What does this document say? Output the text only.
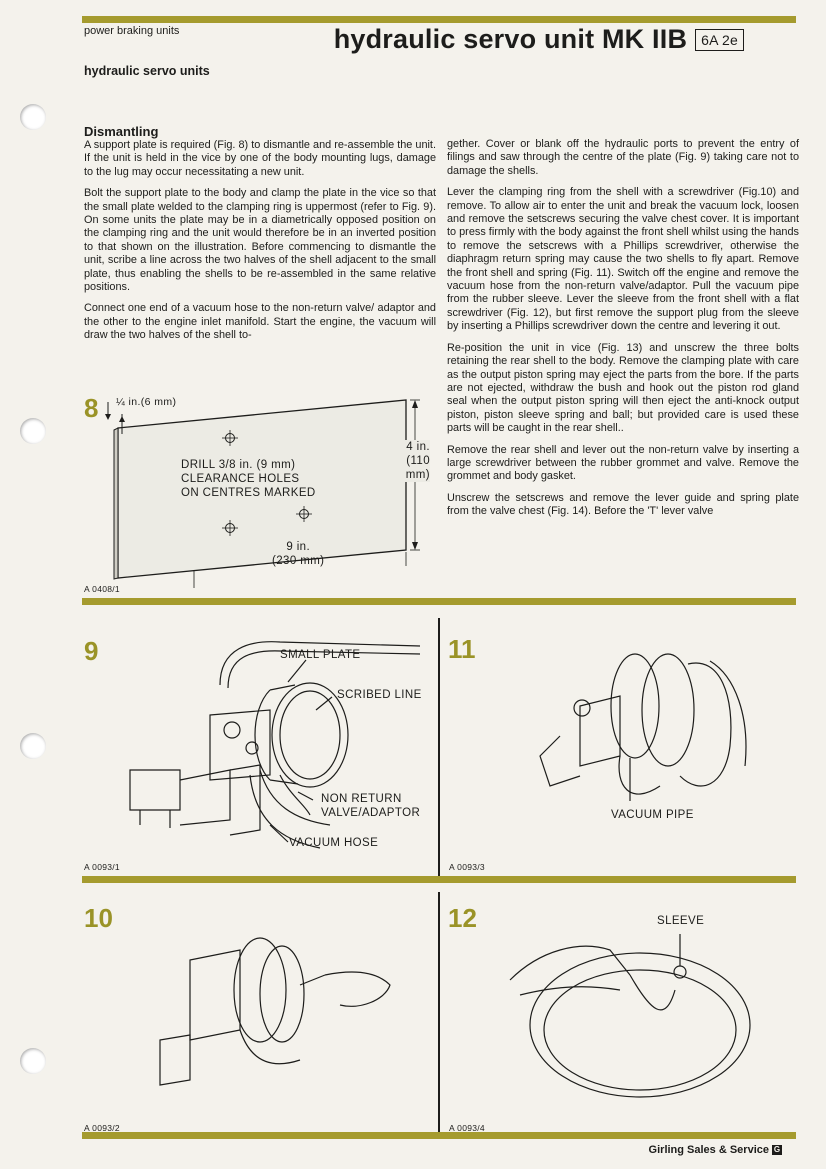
power braking units	hydraulic servo unit MK IIB	6A 2e
hydraulic servo units
Dismantling

A support plate is required (Fig. 8) to dismantle and re-assemble the unit. If the unit is held in the vice by one of the body mounting lugs, damage to the lug may occur necessitating a new unit.

Bolt the support plate to the body and clamp the plate in the vice so that the small plate welded to the clamping ring is uppermost (refer to Fig. 9). On some units the plate may be in a diametrically opposed position on the clamping ring and the unit would therefore be in an inverted position to that shown on the illustration. Before commencing to dismantle the unit, scribe a line across the two halves of the shell adjacent to the small plate, thus enabling the shells to be re-assembled in the same relative positions.

Connect one end of a vacuum hose to the non-return valve/ adaptor and the other to the engine inlet manifold. Start the engine, the vacuum will draw the two halves of the shell to-

gether. Cover or blank off the hydraulic ports to prevent the entry of filings and saw through the centre of the plate (Fig. 9) taking care not to damage the shells.

Lever the clamping ring from the shell with a screwdriver (Fig.10) and remove. To allow air to enter the unit and break the vacuum lock, loosen and remove the setscrews securing the valve chest cover. It is important to press firmly with the body against the front shell whilst using the hands to remove the setscrews with a Phillips screwdriver, otherwise the diaphragm return spring may cause the two shells to fly apart. Remove the front shell and spring (Fig. 11). Switch off the engine and remove the vacuum hose from the non-return valve/adaptor. Pull the vacuum pipe from the rubber sleeve. Lever the sleeve from the front shell with a flat screwdriver (Fig. 12), but first remove the support plug from the sleeve by inserting a Phillips screwdriver down the centre and levering it out.

Re-position the unit in vice (Fig. 13) and unscrew the three bolts retaining the rear shell to the body. Remove the clamping plate with care as the output piston spring may eject the parts from the bore. If the parts are not ejected, withdraw the bush and hook out the piston rod gland seal when the output piston spring will then eject the anti-knock output piston, piston sleeve spring and ball; but provided care is used these parts will be caught in the rear shell..

Remove the rear shell and lever out the non-return valve by inserting a large screwdriver between the rubber grommet and valve. Remove the grommet and body gasket.

Unscrew the setscrews and remove the lever guide and spring plate from the valve chest (Fig. 14). Before the 'T' lever valve

8 ¼ in.(6 mm)
DRILL 3/8 in. (9 mm)
CLEARANCE HOLES
ON CENTRES MARKED
4 in.
(110
mm)
9 in.
(230 mm)
A 0408/1
9	SMALL PLATE
SCRIBED LINE
NON RETURN
VALVE/ADAPTOR
VACUUM HOSE
A 0093/1
11
VACUUM PIPE
A 0093/3
10
A 0093/2
12	SLEEVE
A 0093/4
Girling Sales & Service G
